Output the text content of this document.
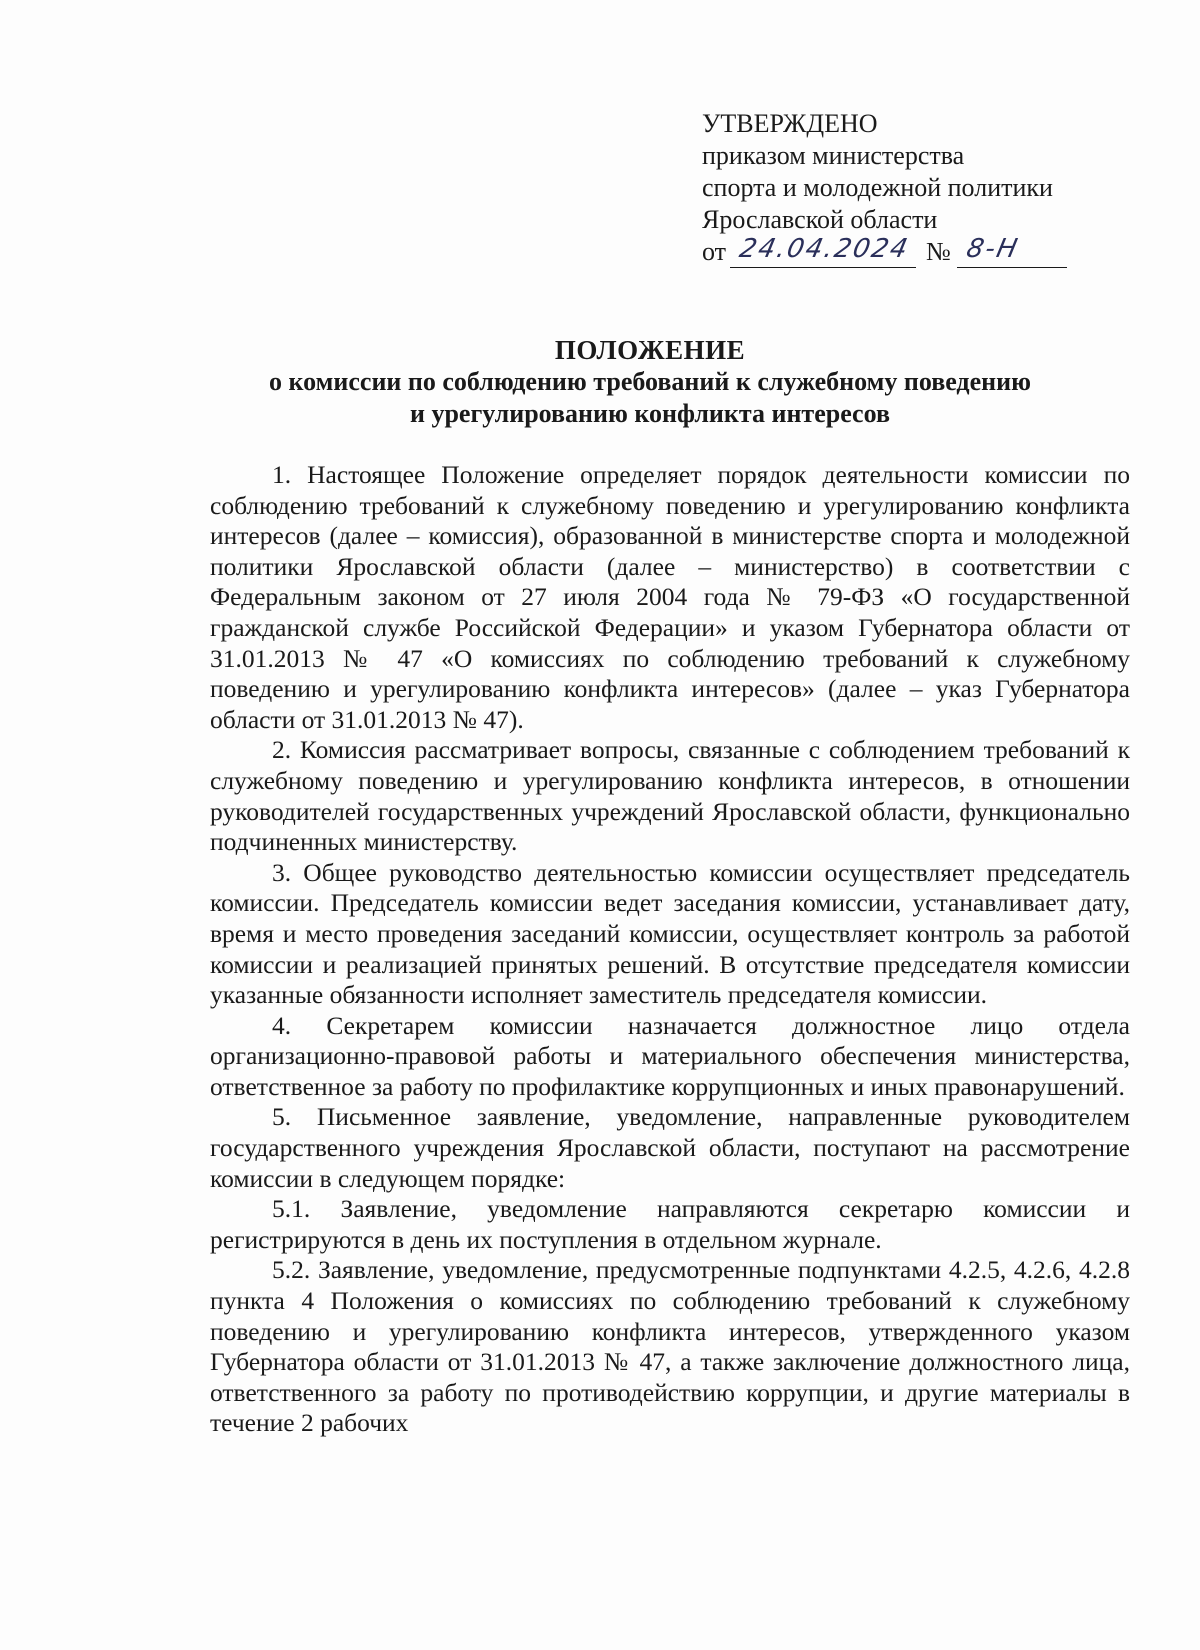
УТВЕРЖДЕНО
приказом министерства
спорта и молодежной политики
Ярославской области
от 24.04.2024 № 8-Н
ПОЛОЖЕНИЕ
о комиссии по соблюдению требований к служебному поведению
и урегулированию конфликта интересов

1. Настоящее Положение определяет порядок деятельности комиссии по соблюдению требований к служебному поведению и урегулированию конфликта интересов (далее – комиссия), образованной в министерстве спорта и молодежной политики Ярославской области (далее – министерство) в соответствии с Федеральным законом от 27 июля 2004 года № 79-ФЗ «О государственной гражданской службе Российской Федерации» и указом Губернатора области от 31.01.2013 № 47 «О комиссиях по соблюдению требований к служебному поведению и урегулированию конфликта интересов» (далее – указ Губернатора области от 31.01.2013 № 47).

2. Комиссия рассматривает вопросы, связанные с соблюдением требований к служебному поведению и урегулированию конфликта интересов, в отношении руководителей государственных учреждений Ярославской области, функционально подчиненных министерству.

3. Общее руководство деятельностью комиссии осуществляет председатель комиссии. Председатель комиссии ведет заседания комиссии, устанавливает дату, время и место проведения заседаний комиссии, осуществляет контроль за работой комиссии и реализацией принятых решений. В отсутствие председателя комиссии указанные обязанности исполняет заместитель председателя комиссии.

4. Секретарем комиссии назначается должностное лицо отдела организационно-правовой работы и материального обеспечения министерства, ответственное за работу по профилактике коррупционных и иных правонарушений.

5. Письменное заявление, уведомление, направленные руководителем государственного учреждения Ярославской области, поступают на рассмотрение комиссии в следующем порядке:

5.1. Заявление, уведомление направляются секретарю комиссии и регистрируются в день их поступления в отдельном журнале.

5.2. Заявление, уведомление, предусмотренные подпунктами 4.2.5, 4.2.6, 4.2.8 пункта 4 Положения о комиссиях по соблюдению требований к служебному поведению и урегулированию конфликта интересов, утвержденного указом Губернатора области от 31.01.2013 № 47, а также заключение должностного лица, ответственного за работу по противодействию коррупции, и другие материалы в течение 2 рабочих
